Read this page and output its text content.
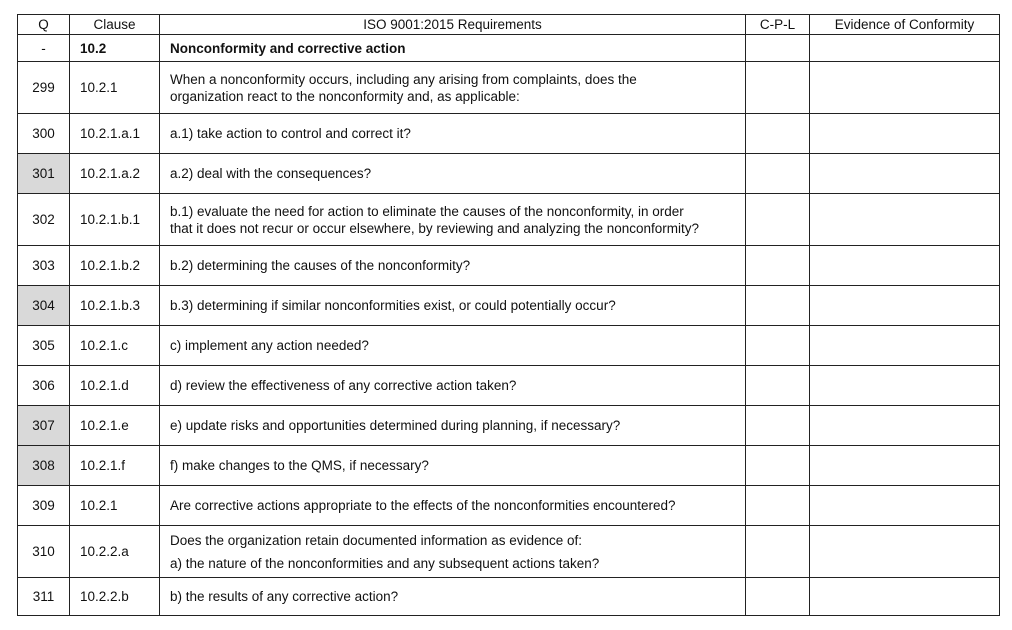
Q	Clause	ISO 9001:2015 Requirements	C-P-L	Evidence of Conformity
-	10.2	Nonconformity and corrective action		
299	10.2.1	When a nonconformity occurs, including any arising from complaints, does the
organization react to the nonconformity and, as applicable:		

300	10.2.1.a.1	a.1) take action to control and correct it?		

301	10.2.1.a.2	a.2) deal with the consequences?		

302	10.2.1.b.1	b.1) evaluate the need for action to eliminate the causes of the nonconformity, in order
that it does not recur or occur elsewhere, by reviewing and analyzing the nonconformity?		

303	10.2.1.b.2	b.2) determining the causes of the nonconformity?		

304	10.2.1.b.3	b.3) determining if similar nonconformities exist, or could potentially occur?		

305	10.2.1.c	c) implement any action needed?		

306	10.2.1.d	d) review the effectiveness of any corrective action taken?		

307	10.2.1.e	e) update risks and opportunities determined during planning, if necessary?		

308	10.2.1.f	f) make changes to the QMS, if necessary?		

309	10.2.1	Are corrective actions appropriate to the effects of the nonconformities encountered?		

310	10.2.2.a	Does the organization retain documented information as evidence of:
a) the nature of the nonconformities and any subsequent actions taken?		

311	10.2.2.b	b) the results of any corrective action?		
